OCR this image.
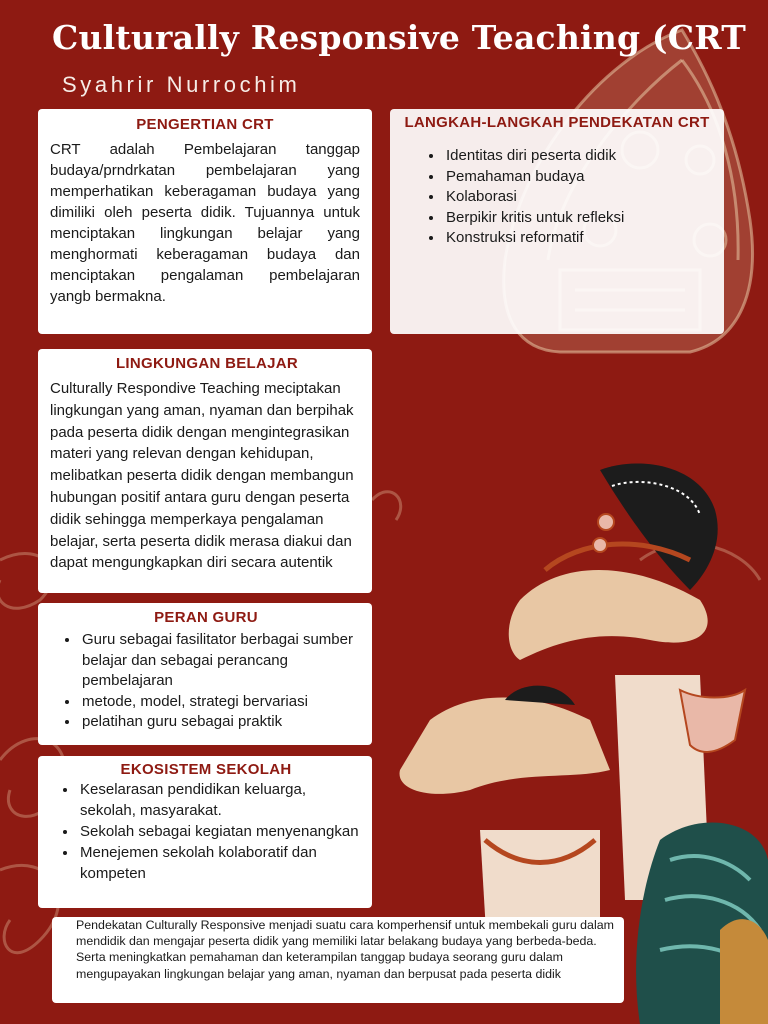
Culturally Responsive Teaching (CRT
Syahrir Nurrochim
PENGERTIAN CRT

CRT adalah Pembelajaran tanggap budaya/prndrkatan pembelajaran yang memperhatikan keberagaman budaya yang dimiliki oleh peserta didik. Tujuannya untuk menciptakan lingkungan belajar yang menghormati keberagaman budaya dan menciptakan pengalaman pembelajaran yangb bermakna.

LANGKAH-LANGKAH PENDEKATAN CRT
• Identitas diri peserta didik
• Pemahaman budaya
• Kolaborasi
• Berpikir kritis untuk refleksi
• Konstruksi reformatif
LINGKUNGAN BELAJAR

Culturally Respondive Teaching meciptakan lingkungan yang aman, nyaman dan berpihak pada peserta didik dengan mengintegrasikan materi yang relevan dengan kehidupan, melibatkan peserta didik dengan membangun hubungan positif antara guru dengan peserta didik sehingga memperkaya pengalaman belajar, serta peserta didik merasa diakui dan dapat mengungkapkan diri secara autentik

PERAN GURU
• Guru sebagai fasilitator berbagai sumber belajar dan sebagai perancang pembelajaran
• metode, model, strategi bervariasi
• pelatihan guru sebagai praktik
EKOSISTEM SEKOLAH
• Keselarasan pendidikan keluarga, sekolah, masyarakat.
• Sekolah sebagai kegiatan menyenangkan
• Menejemen sekolah kolaboratif dan kompeten

Pendekatan Culturally Responsive menjadi suatu cara komperhensif untuk membekali guru dalam mendidik dan mengajar peserta didik yang memiliki latar belakang budaya yang berbeda-beda. Serta meningkatkan pemahaman dan keterampilan tanggap budaya seorang guru dalam mengupayakan lingkungan belajar yang aman, nyaman dan berpusat pada peserta didik
